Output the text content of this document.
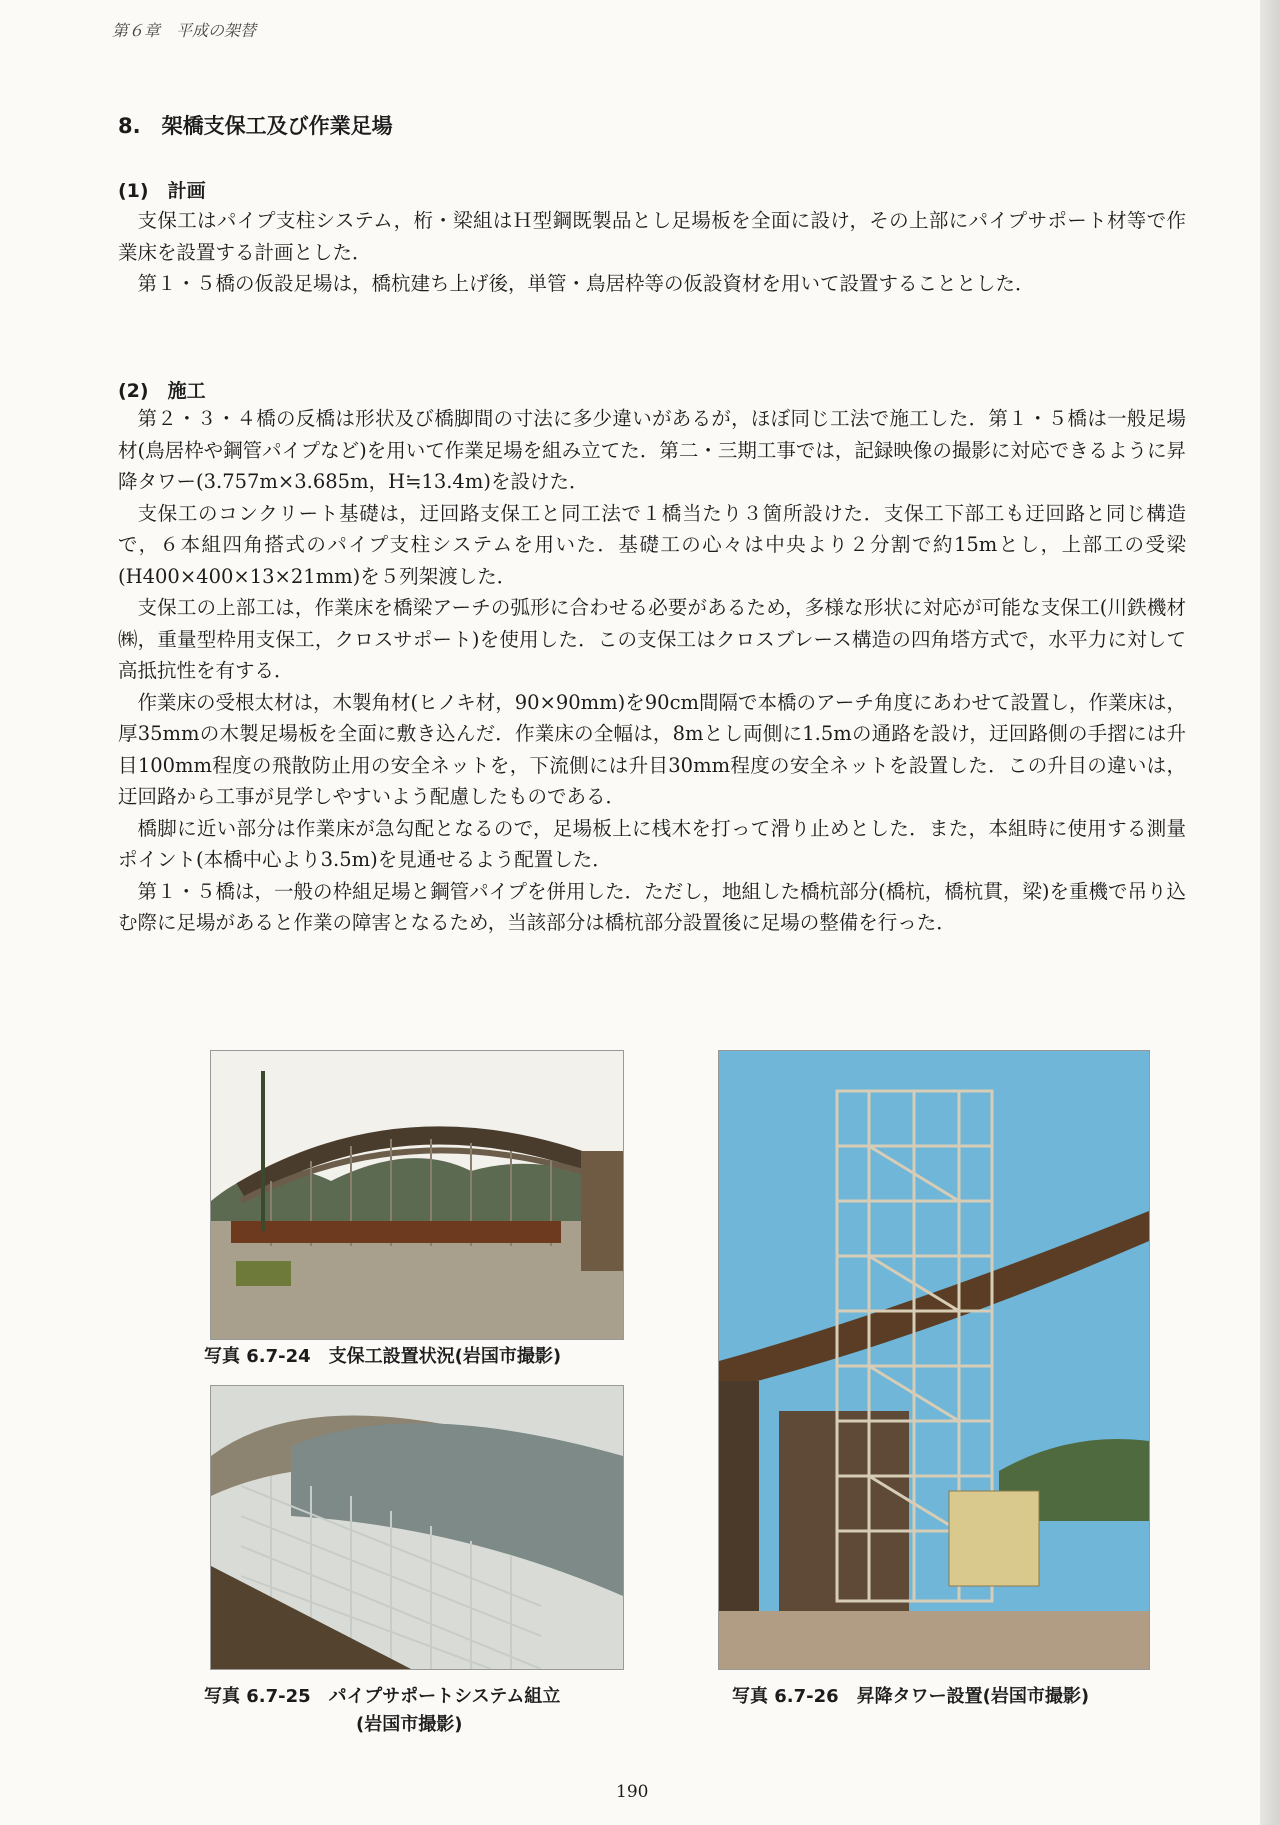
第６章　平成の架替
8.　架橋支保工及び作業足場
(1)　計画

支保工はパイプ支柱システム，桁・梁組はＨ型鋼既製品とし足場板を全面に設け，その上部にパイプサポート材等で作業床を設置する計画とした．

第１・５橋の仮設足場は，橋杭建ち上げ後，単管・鳥居枠等の仮設資材を用いて設置することとした．

(2)　施工

第２・３・４橋の反橋は形状及び橋脚間の寸法に多少違いがあるが，ほぼ同じ工法で施工した．第１・５橋は一般足場材(鳥居枠や鋼管パイプなど)を用いて作業足場を組み立てた．第二・三期工事では，記録映像の撮影に対応できるように昇降タワー(3.757m×3.685m，H≒13.4m)を設けた．

支保工のコンクリート基礎は，迂回路支保工と同工法で１橋当たり３箇所設けた．支保工下部工も迂回路と同じ構造で，６本組四角搭式のパイプ支柱システムを用いた．基礎工の心々は中央より２分割で約15mとし，上部工の受梁(H400×400×13×21mm)を５列架渡した．

支保工の上部工は，作業床を橋梁アーチの弧形に合わせる必要があるため，多様な形状に対応が可能な支保工(川鉄機材㈱，重量型枠用支保工，クロスサポート)を使用した．この支保工はクロスブレース構造の四角塔方式で，水平力に対して高抵抗性を有する．

作業床の受根太材は，木製角材(ヒノキ材，90×90mm)を90cm間隔で本橋のアーチ角度にあわせて設置し，作業床は，厚35mmの木製足場板を全面に敷き込んだ．作業床の全幅は，8mとし両側に1.5mの通路を設け，迂回路側の手摺には升目100mm程度の飛散防止用の安全ネットを，下流側には升目30mm程度の安全ネットを設置した．この升目の違いは，迂回路から工事が見学しやすいよう配慮したものである．

橋脚に近い部分は作業床が急勾配となるので，足場板上に桟木を打って滑り止めとした．また，本組時に使用する測量ポイント(本橋中心より3.5m)を見通せるよう配置した．

第１・５橋は，一般の枠組足場と鋼管パイプを併用した．ただし，地組した橋杭部分(橋杭，橋杭貫，梁)を重機で吊り込む際に足場があると作業の障害となるため，当該部分は橋杭部分設置後に足場の整備を行った．

写真 6.7-24　支保工設置状況(岩国市撮影)
写真 6.7-25　パイプサポートシステム組立
(岩国市撮影)
写真 6.7-26　昇降タワー設置(岩国市撮影)
190
